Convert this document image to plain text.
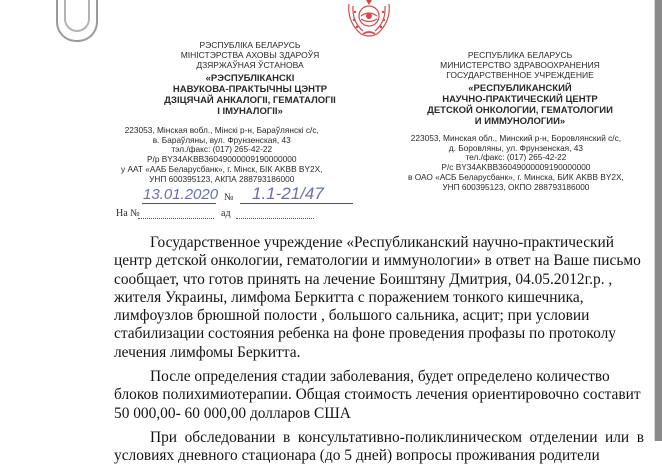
РЭСПУБЛІКА БЕЛАРУСЬ
МІНІСТЭРСТВА АХОВЫ ЗДАРОЎЯ
ДЗЯРЖАЎНАЯ ЎСТАНОВА
«РЭСПУБЛІКАНСКІ
НАВУКОВА-ПРАКТЫЧНЫ ЦЭНТР
ДЗІЦЯЧАЙ АНКАЛОГІІ, ГЕМАТАЛОГІІ
І ІМУНАЛОГІІ»
223053, Мінская вобл., Мінскі р-н, Бараўлянскі с/с,
в. Бараўляны, вул. Фрунзенская, 43
тэл./факс: (017) 265-42-22
Р/р BY34AKBB36049000009190000000
у ААТ «ААБ Беларусбанк», г. Мінск, БІК AKBB BY2X,
УНП 600395123, АКПА 288793186000
РЕСПУБЛИКА БЕЛАРУСЬ
МИНИСТЕРСТВО ЗДРАВООХРАНЕНИЯ
ГОСУДАРСТВЕННОЕ УЧРЕЖДЕНИЕ
«РЕСПУБЛИКАНСКИЙ
НАУЧНО-ПРАКТИЧЕСКИЙ ЦЕНТР
ДЕТСКОЙ ОНКОЛОГИИ, ГЕМАТОЛОГИИ
И ИММУНОЛОГИИ»
223053, Минская обл., Минский р-н, Боровлянский с/с,
д. Боровляны, ул. Фрунзенская, 43
тел./факс: (017) 265-42-22
Р/с BY34AKBB36049000009190000000
в ОАО «АСБ Беларусбанк», г. Минска, БИК AKBB BY2X,
УНП 600395123, ОКПО 288793186000
13.01.2020 № 1.1-21/47
На №	ад

Государственное учреждение «Республиканский научно-практический центр детской онкологии, гематологии и иммунологии» в ответ на Ваше письмо сообщает, что готов принять на лечение Боиштяну Дмитрия, 04.05.2012г.р. , жителя Украины, лимфома Беркитта с поражением тонкого кишечника, лимфоузлов брюшной полости , большого сальника, асцит; при условии стабилизации состояния ребенка на фоне проведения профазы по протоколу лечения лимфомы Беркитта.

После определения стадии заболевания, будет определено количество блоков полихимиотерапии. Общая стоимость лечения ориентировочно составит 50 000,00- 60 000,00 долларов США

При обследовании в консультативно-поликлиническом отделении или в условиях дневного стационара (до 5 дней) вопросы проживания родители
